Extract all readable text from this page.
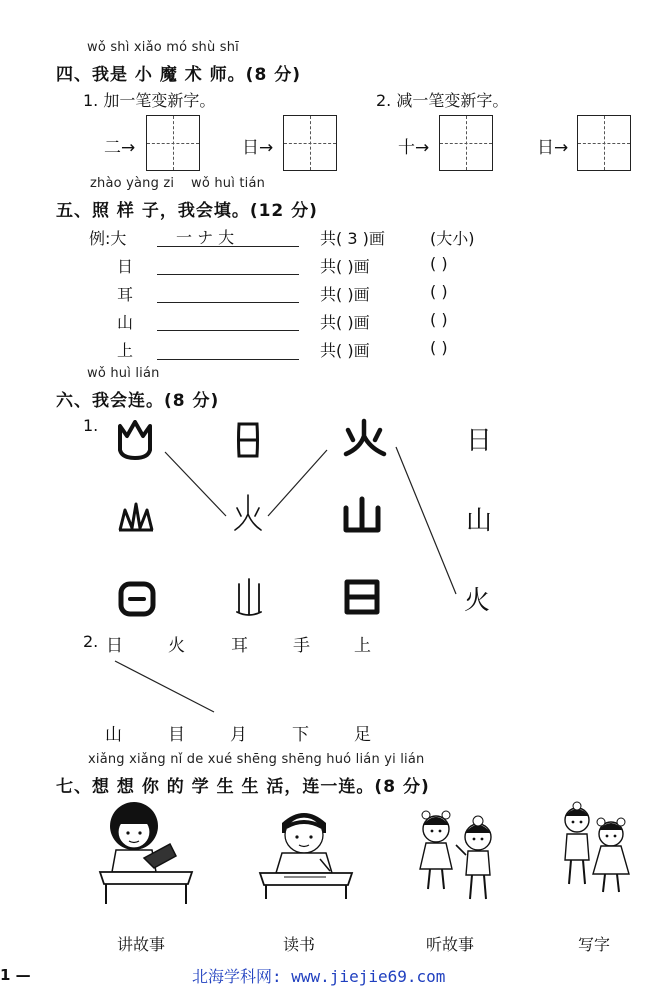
wǒ shì xiǎo mó shù shī
四、我是 小 魔 术 师。(8 分)
1. 加一笔变新字。	2. 减一笔变新字。
二→	日→	十→	日→
zhào yàng zi wǒ huì tián
五、照 样 子，我会填。(12 分)
例:大	一 ナ 大	共( 3 )画	(大小)
日	共( )画	( )
耳	共( )画	( )
山	共( )画	( )
上	共( )画	( )
wǒ huì lián
六、我会连。(8 分)
1.
日
山
火
2. 日	火	耳	手	上
山	目	月	下	足
xiǎng xiǎng nǐ de xué shēng shēng huó lián yi lián
七、想 想 你 的 学 生 生 活，连一连。(8 分)
讲故事	读书	听故事	写字
1 —	北海学科网: www.jiejie69.com
